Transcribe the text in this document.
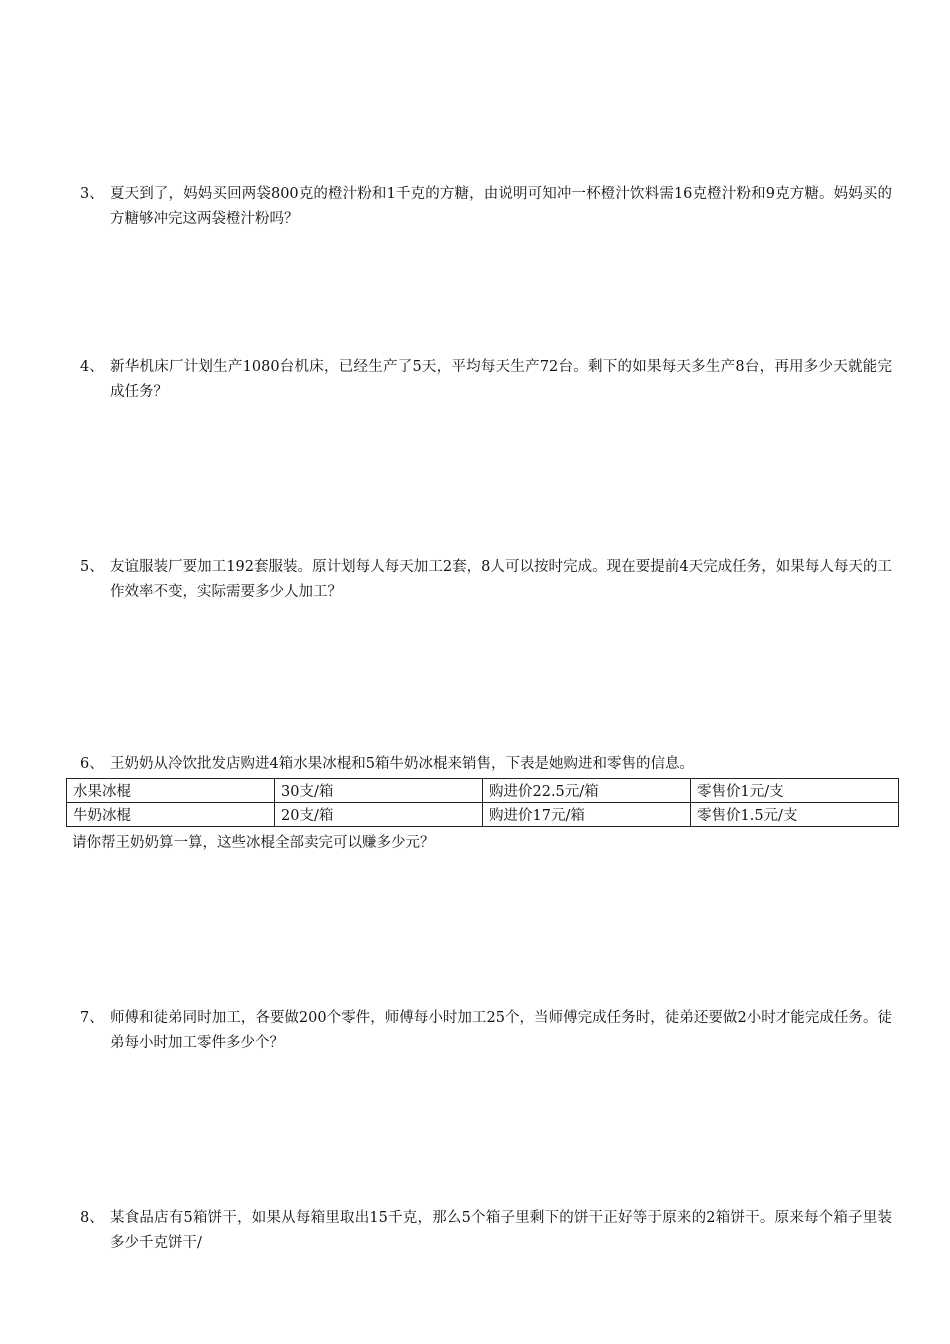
3、 夏天到了，妈妈买回两袋800克的橙汁粉和1千克的方糖，由说明可知冲一杯橙汁饮料需16克橙汁粉和9克方糖。妈妈买的方糖够冲完这两袋橙汁粉吗？
4、 新华机床厂计划生产1080台机床，已经生产了5天，平均每天生产72台。剩下的如果每天多生产8台，再用多少天就能完成任务？
5、 友谊服装厂要加工192套服装。原计划每人每天加工2套，8人可以按时完成。现在要提前4天完成任务，如果每人每天的工作效率不变，实际需要多少人加工？
6、 王奶奶从冷饮批发店购进4箱水果冰棍和5箱牛奶冰棍来销售，下表是她购进和零售的信息。
水果冰棍	30支/箱	购进价22.5元/箱	零售价1元/支
牛奶冰棍	20支/箱	购进价17元/箱	零售价1.5元/支
请你帮王奶奶算一算，这些冰棍全部卖完可以赚多少元？
7、 师傅和徒弟同时加工，各要做200个零件，师傅每小时加工25个，当师傅完成任务时，徒弟还要做2小时才能完成任务。徒弟每小时加工零件多少个？
8、 某食品店有5箱饼干，如果从每箱里取出15千克，那么5个箱子里剩下的饼干正好等于原来的2箱饼干。原来每个箱子里装多少千克饼干/
